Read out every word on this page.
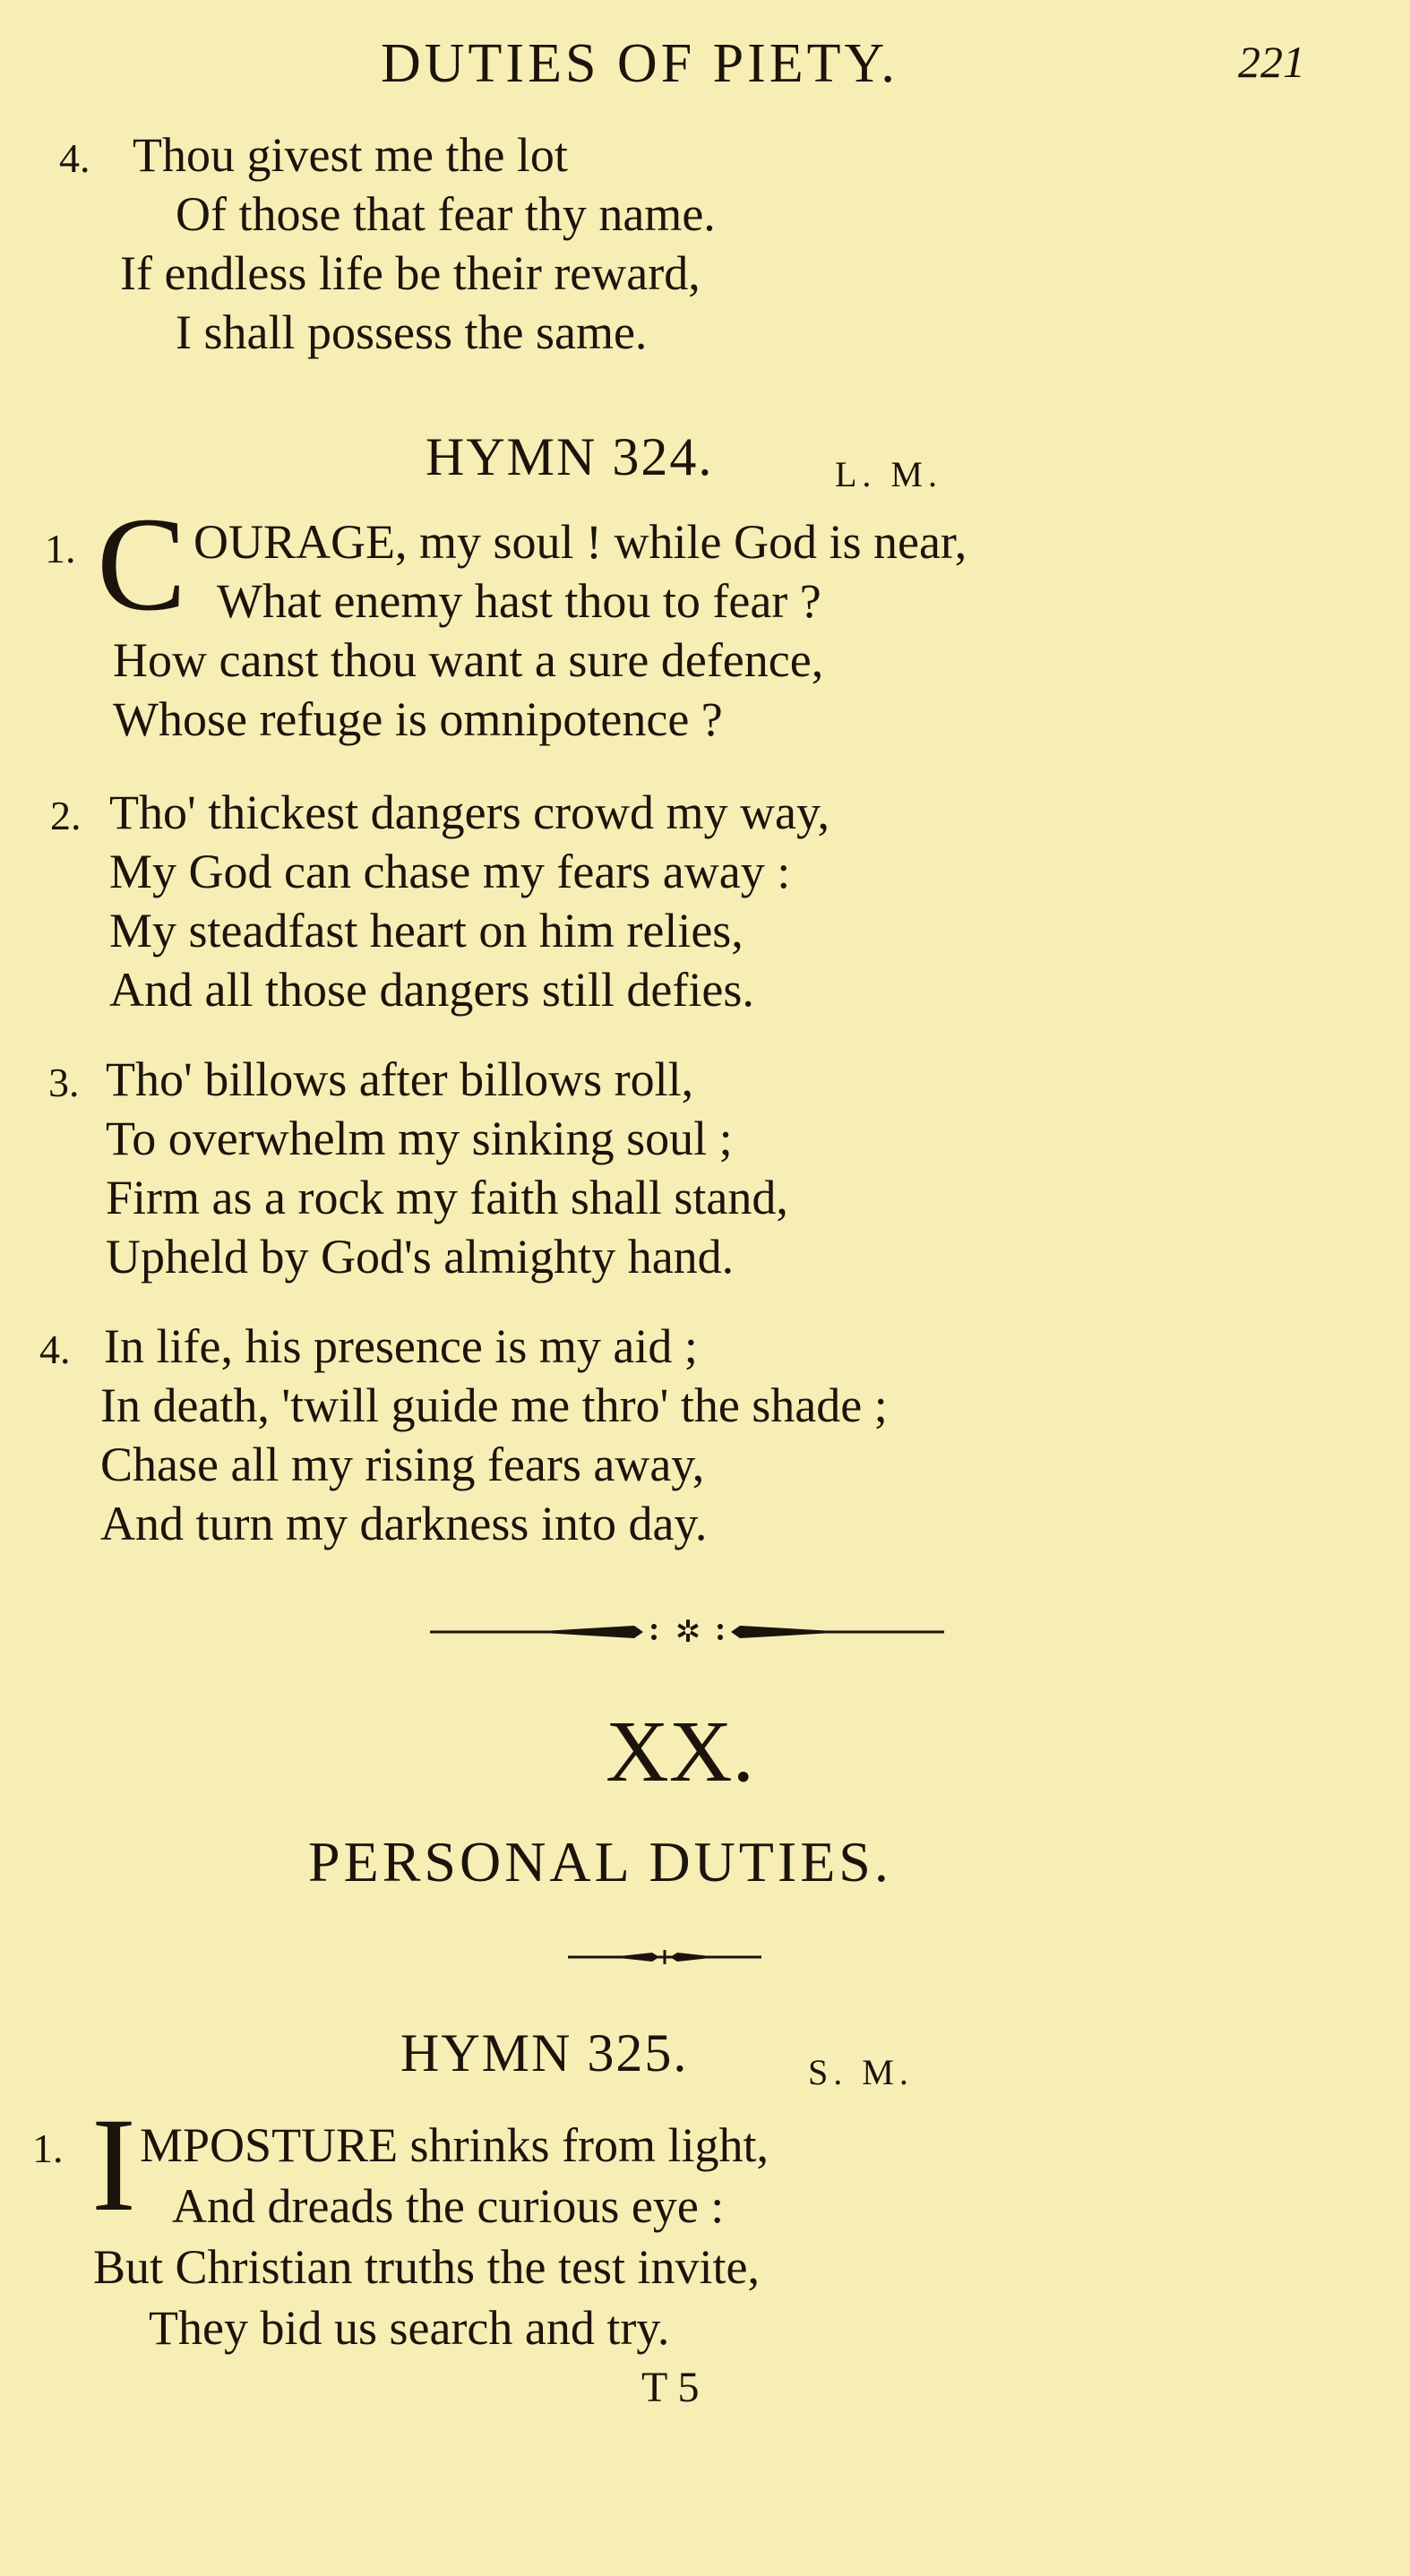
DUTIES OF PIETY.	221
4. Thou givest me the lot
Of those that fear thy name.
If endless life be their reward,
I shall possess the same.
HYMN 324.	L. M.
1. C OURAGE, my soul ! while God is near,
What enemy hast thou to fear ?
How canst thou want a sure defence,
Whose refuge is omnipotence ?
2. Tho' thickest dangers crowd my way,
My God can chase my fears away :
My steadfast heart on him relies,
And all those dangers still defies.
3. Tho' billows after billows roll,
To overwhelm my sinking soul ;
Firm as a rock my faith shall stand,
Upheld by God's almighty hand.
4. In life, his presence is my aid ;
In death, 'twill guide me thro' the shade ;
Chase all my rising fears away,
And turn my darkness into day.
✲
XX.
PERSONAL DUTIES.
HYMN 325.	S. M.
1. I MPOSTURE shrinks from light,
And dreads the curious eye :
But Christian truths the test invite,
They bid us search and try.
T 5
